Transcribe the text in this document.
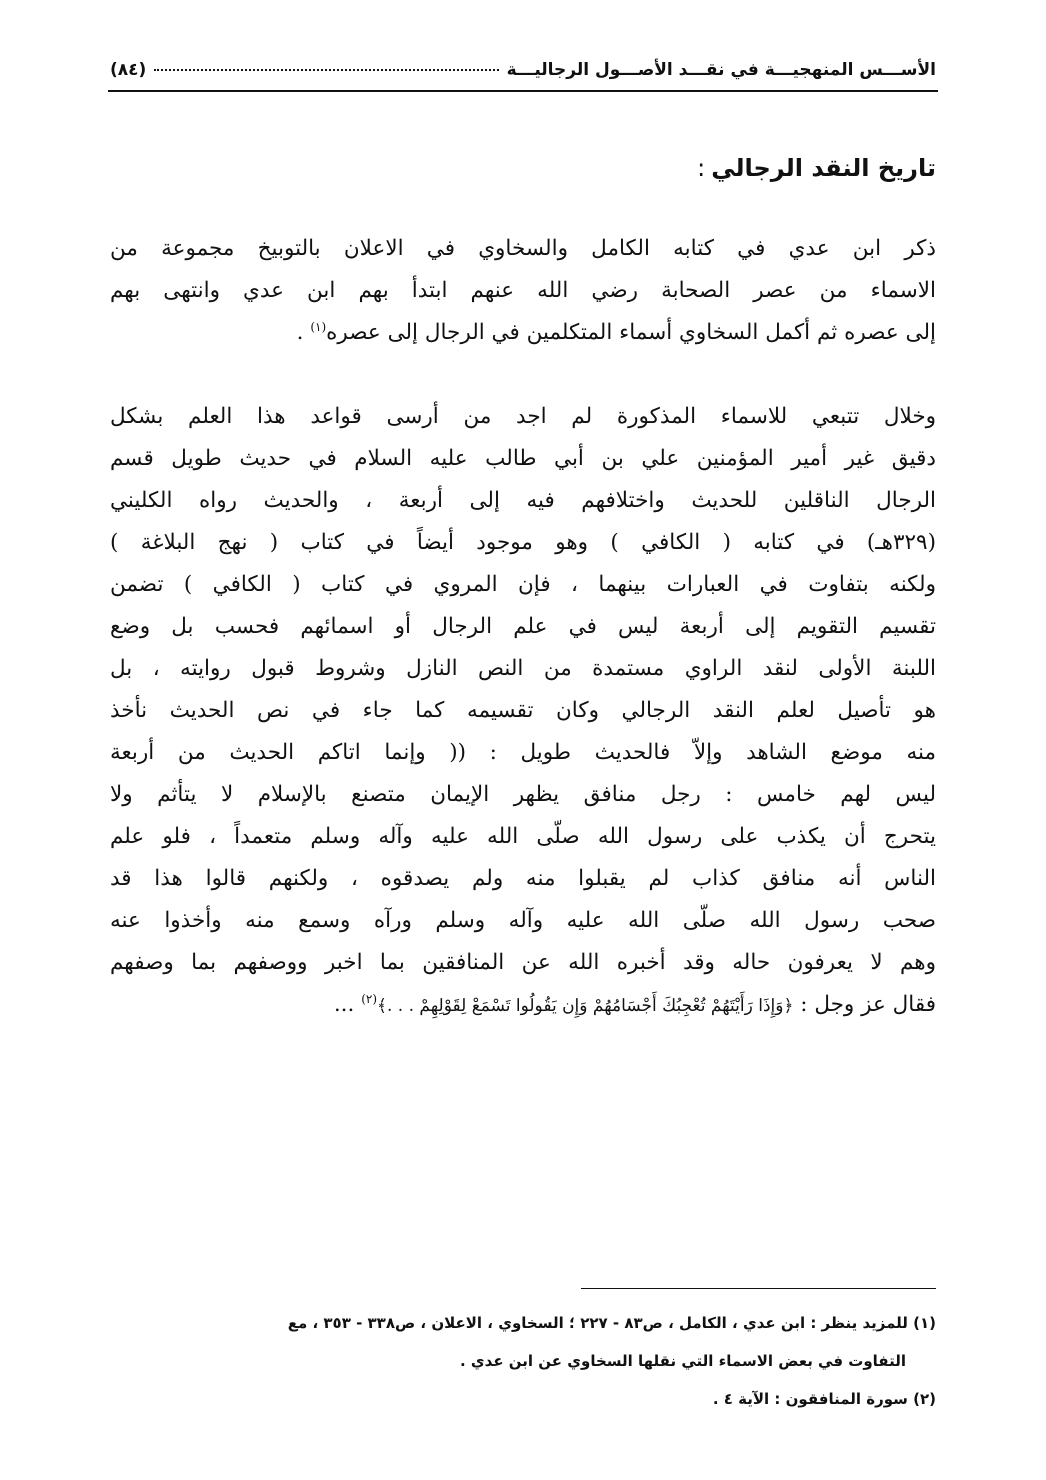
الأســـس المنهجيـــة في نقـــد الأصـــول الرجاليـــة
(٨٤)
تاريخ النقد الرجالي:
ذكر ابن عدي في كتابه الكامل والسخاوي في الاعلان بالتوبيخ مجموعة من
الاسماء من عصر الصحابة رضي الله عنهم ابتدأ بهم ابن عدي وانتهى بهم
إلى عصره ثم أكمل السخاوي أسماء المتكلمين في الرجال إلى عصره$^{(١)}$ .
وخلال تتبعي للاسماء المذكورة لم اجد من أرسى قواعد هذا العلم بشكل
دقيق غير أمير المؤمنين علي بن أبي طالب عليه السلام في حديث طويل قسم
الرجال الناقلين للحديث واختلافهم فيه إلى أربعة ، والحديث رواه الكليني
(٣٢٩هـ) في كتابه ( الكافي ) وهو موجود أيضاً في كتاب ( نهج البلاغة )
ولكنه بتفاوت في العبارات بينهما ، فإن المروي في كتاب ( الكافي ) تضمن
تقسيم التقويم إلى أربعة ليس في علم الرجال أو اسمائهم فحسب بل وضع
اللبنة الأولى لنقد الراوي مستمدة من النص النازل وشروط قبول روايته ، بل
هو تأصيل لعلم النقد الرجالي وكان تقسيمه كما جاء في نص الحديث نأخذ
منه موضع الشاهد وإلاّ فالحديث طويل : (( وإنما اتاكم الحديث من أربعة
ليس لهم خامس : رجل منافق يظهر الإيمان متصنع بالإسلام لا يتأثم ولا
يتحرج أن يكذب على رسول الله صلّى الله عليه وآله وسلم متعمداً ، فلو علم
الناس أنه منافق كذاب لم يقبلوا منه ولم يصدقوه ، ولكنهم قالوا هذا قد
صحب رسول الله صلّى الله عليه وآله وسلم ورآه وسمع منه وأخذوا عنه
وهم لا يعرفون حاله وقد أخبره الله عن المنافقين بما اخبر ووصفهم بما وصفهم
فقال عز وجل : ﴿وَإِذَا رَأَيْتَهُمْ تُعْجِبُكَ أَجْسَامُهُمْ وَإِن يَقُولُوا تَسْمَعْ لِقَوْلِهِمْ . . .﴾$^{(٢)}$ ...
(١) للمزيد ينظر : ابن عدي ، الكامل ، ص٨٣ - ٢٢٧ ؛ السخاوي ، الاعلان ، ص٣٣٨ - ٣٥٣ ، مع
التفاوت في بعض الاسماء التي نقلها السخاوي عن ابن عدي .
(٢) سورة المنافقون : الآية ٤ .
